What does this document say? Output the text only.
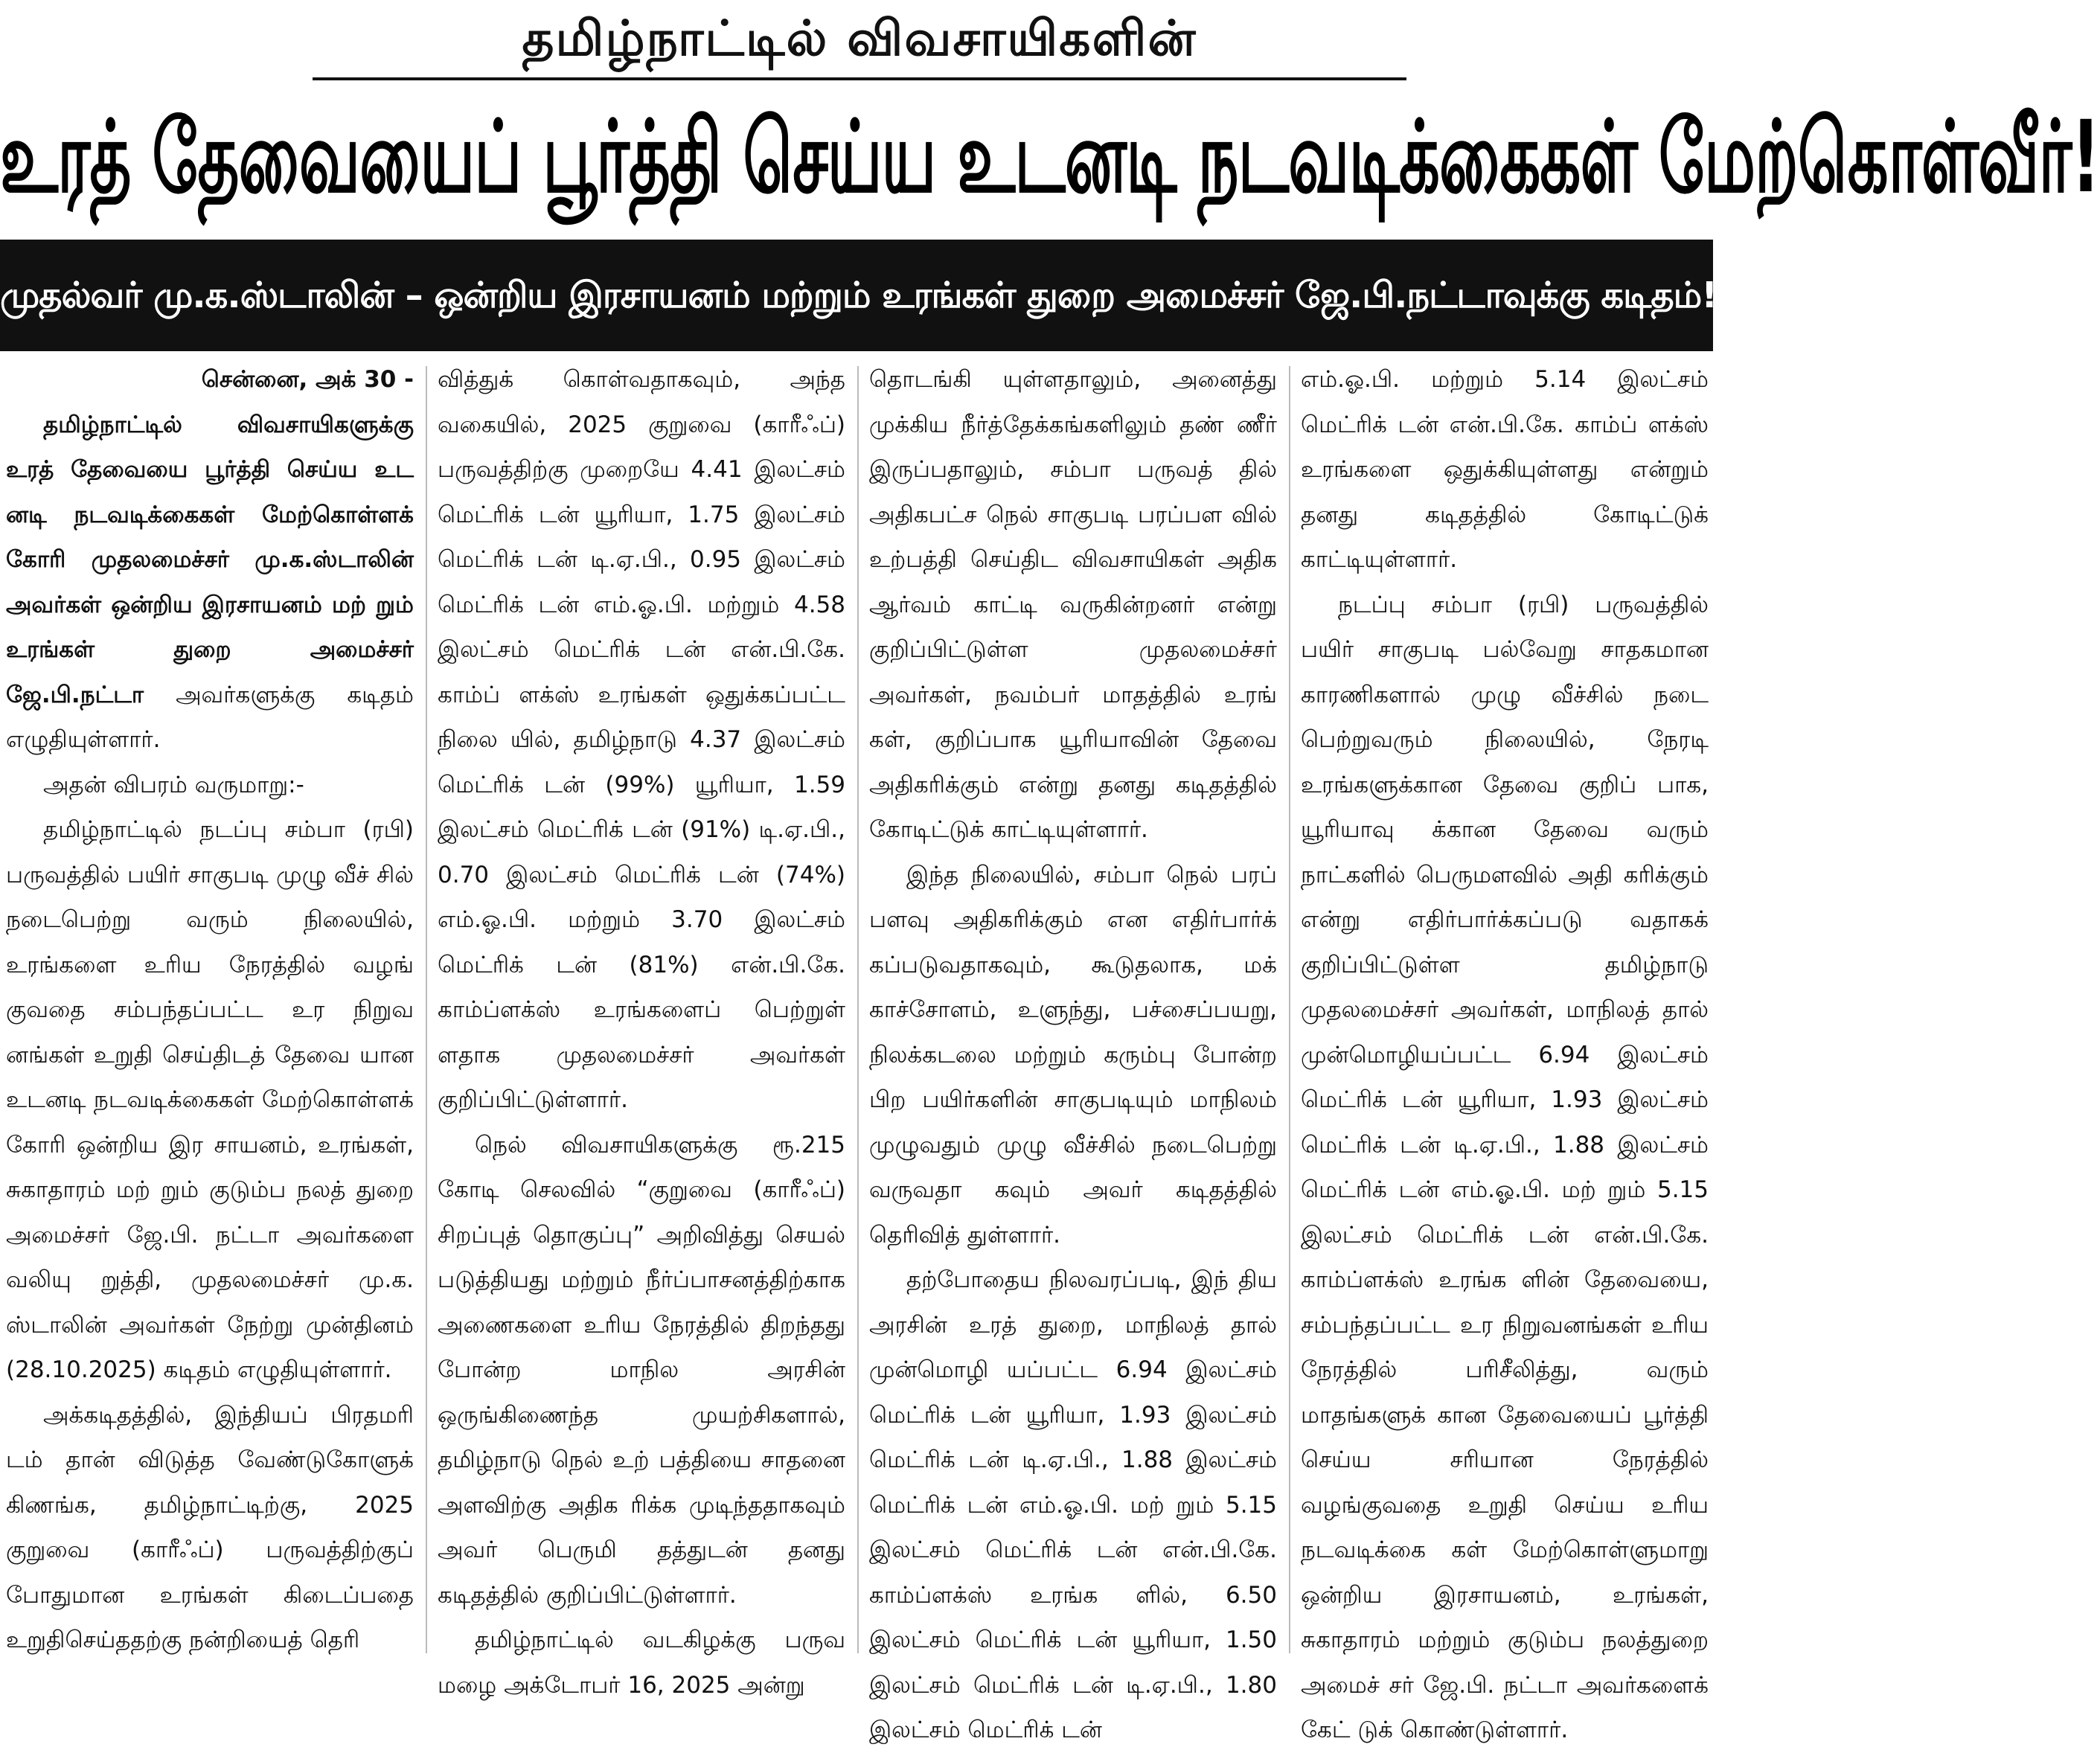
தமிழ்நாட்டில் விவசாயிகளின்
உரத் தேவையைப் பூர்த்தி செய்ய உடனடி நடவடிக்கைகள் மேற்கொள்வீர்!
முதல்வர் மு.க.ஸ்டாலின் – ஒன்றிய இரசாயனம் மற்றும் உரங்கள் துறை அமைச்சர் ஜே.பி.நட்டாவுக்கு கடிதம்!

சென்னை, அக் 30 -

தமிழ்நாட்டில் விவசாயிகளுக்கு உரத் தேவையை பூர்த்தி செய்ய உட னடி நடவடிக்கைகள் மேற்கொள்ளக் கோரி முதலமைச்சர் மு.க.ஸ்டாலின் அவர்கள் ஒன்றிய இரசாயனம் மற் றும் உரங்கள் துறை அமைச்சர் ஜே.பி.நட்டா அவர்களுக்கு கடிதம் எழுதியுள்ளார்.

அதன் விபரம் வருமாறு:-

தமிழ்நாட்டில் நடப்பு சம்பா (ரபி) பருவத்தில் பயிர் சாகுபடி முழு வீச் சில் நடைபெற்று வரும் நிலையில், உரங்களை உரிய நேரத்தில் வழங் குவதை சம்பந்தப்பட்ட உர நிறுவ னங்கள் உறுதி செய்திடத் தேவை யான உடனடி நடவடிக்கைகள் மேற்கொள்ளக் கோரி ஒன்றிய இர சாயனம், உரங்கள், சுகாதாரம் மற் றும் குடும்ப நலத் துறை அமைச்சர் ஜே.பி. நட்டா அவர்களை வலியு றுத்தி, முதலமைச்சர் மு.க. ஸ்டாலின் அவர்கள் நேற்று முன்தினம் (28.10.2025) கடிதம் எழுதியுள்ளார்.

அக்கடிதத்தில், இந்தியப் பிரதமரி டம் தான் விடுத்த வேண்டுகோளுக் கிணங்க, தமிழ்நாட்டிற்கு, 2025 குறுவை (காரீஃப்) பருவத்திற்குப் போதுமான உரங்கள் கிடைப்பதை உறுதிசெய்ததற்கு நன்றியைத் தெரி

வித்துக் கொள்வதாகவும், அந்த வகையில், 2025 குறுவை (காரீஃப்) பருவத்திற்கு முறையே 4.41 இலட்சம் மெட்ரிக் டன் யூரியா, 1.75 இலட்சம் மெட்ரிக் டன் டி.ஏ.பி., 0.95 இலட்சம் மெட்ரிக் டன் எம்.ஓ.பி. மற்றும் 4.58 இலட்சம் மெட்ரிக் டன் என்.பி.கே. காம்ப் ளக்ஸ் உரங்கள் ஒதுக்கப்பட்ட நிலை யில், தமிழ்நாடு 4.37 இலட்சம் மெட்ரிக் டன் (99%) யூரியா, 1.59 இலட்சம் மெட்ரிக் டன் (91%) டி.ஏ.பி., 0.70 இலட்சம் மெட்ரிக் டன் (74%) எம்.ஓ.பி. மற்றும் 3.70 இலட்சம் மெட்ரிக் டன் (81%) என்.பி.கே. காம்ப்ளக்ஸ் உரங்களைப் பெற்றுள் ளதாக முதலமைச்சர் அவர்கள் குறிப்பிட்டுள்ளார்.

நெல் விவசாயிகளுக்கு ரூ.215 கோடி செலவில் “குறுவை (காரீஃப்) சிறப்புத் தொகுப்பு” அறிவித்து செயல் படுத்தியது மற்றும் நீர்ப்பாசனத்திற்காக அணைகளை உரிய நேரத்தில் திறந்தது போன்ற மாநில அரசின் ஒருங்கிணைந்த முயற்சிகளால், தமிழ்நாடு நெல் உற் பத்தியை சாதனை அளவிற்கு அதிக ரிக்க முடிந்ததாகவும் அவர் பெருமி தத்துடன் தனது கடிதத்தில் குறிப்பிட்டுள்ளார்.

தமிழ்நாட்டில் வடகிழக்கு பருவ மழை அக்டோபர் 16, 2025 அன்று

தொடங்கி யுள்ளதாலும், அனைத்து முக்கிய நீர்த்தேக்கங்களிலும் தண் ணீர் இருப்பதாலும், சம்பா பருவத் தில் அதிகபட்ச நெல் சாகுபடி பரப்பள வில் உற்பத்தி செய்திட விவசாயிகள் அதிக ஆர்வம் காட்டி வருகின்றனர் என்று குறிப்பிட்டுள்ள முதலமைச்சர் அவர்கள், நவம்பர் மாதத்தில் உரங் கள், குறிப்பாக யூரியாவின் தேவை அதிகரிக்கும் என்று தனது கடிதத்தில் கோடிட்டுக் காட்டியுள்ளார்.

இந்த நிலையில், சம்பா நெல் பரப் பளவு அதிகரிக்கும் என எதிர்பார்க் கப்படுவதாகவும், கூடுதலாக, மக் காச்சோளம், உளுந்து, பச்சைப்பயறு, நிலக்கடலை மற்றும் கரும்பு போன்ற பிற பயிர்களின் சாகுபடியும் மாநிலம் முழுவதும் முழு வீச்சில் நடைபெற்று வருவதா கவும் அவர் கடிதத்தில் தெரிவித் துள்ளார்.

தற்போதைய நிலவரப்படி, இந் திய அரசின் உரத் துறை, மாநிலத் தால் முன்மொழி யப்பட்ட 6.94 இலட்சம் மெட்ரிக் டன் யூரியா, 1.93 இலட்சம் மெட்ரிக் டன் டி.ஏ.பி., 1.88 இலட்சம் மெட்ரிக் டன் எம்.ஓ.பி. மற் றும் 5.15 இலட்சம் மெட்ரிக் டன் என்.பி.கே. காம்ப்ளக்ஸ் உரங்க ளில், 6.50 இலட்சம் மெட்ரிக் டன் யூரியா, 1.50 இலட்சம் மெட்ரிக் டன் டி.ஏ.பி., 1.80 இலட்சம் மெட்ரிக் டன்

எம்.ஓ.பி. மற்றும் 5.14 இலட்சம் மெட்ரிக் டன் என்.பி.கே. காம்ப் ளக்ஸ் உரங்களை ஒதுக்கியுள்ளது என்றும் தனது கடிதத்தில் கோடிட்டுக் காட்டியுள்ளார்.

நடப்பு சம்பா (ரபி) பருவத்தில் பயிர் சாகுபடி பல்வேறு சாதகமான காரணிகளால் முழு வீச்சில் நடை பெற்றுவரும் நிலையில், நேரடி உரங்களுக்கான தேவை குறிப் பாக, யூரியாவு க்கான தேவை வரும் நாட்களில் பெருமளவில் அதி கரிக்கும் என்று எதிர்பார்க்கப்படு வதாகக் குறிப்பிட்டுள்ள தமிழ்நாடு முதலமைச்சர் அவர்கள், மாநிலத் தால் முன்மொழியப்பட்ட 6.94 இலட்சம் மெட்ரிக் டன் யூரியா, 1.93 இலட்சம் மெட்ரிக் டன் டி.ஏ.பி., 1.88 இலட்சம் மெட்ரிக் டன் எம்.ஓ.பி. மற் றும் 5.15 இலட்சம் மெட்ரிக் டன் என்.பி.கே. காம்ப்ளக்ஸ் உரங்க ளின் தேவையை, சம்பந்தப்பட்ட உர நிறுவனங்கள் உரிய நேரத்தில் பரிசீலித்து, வரும் மாதங்களுக் கான தேவையைப் பூர்த்தி செய்ய சரியான நேரத்தில் வழங்குவதை உறுதி செய்ய உரிய நடவடிக்கை கள் மேற்கொள்ளுமாறு ஒன்றிய இரசாயனம், உரங்கள், சுகாதாரம் மற்றும் குடும்ப நலத்துறை அமைச் சர் ஜே.பி. நட்டா அவர்களைக் கேட் டுக் கொண்டுள்ளார்.
